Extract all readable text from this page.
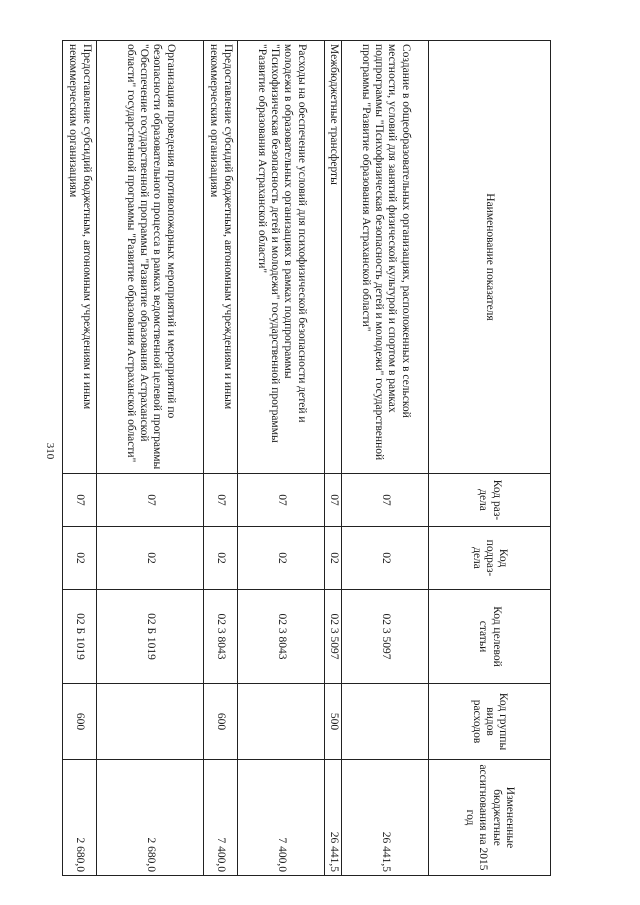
310
Наименование показателя	Код раз-дела	Код подраз-дела	Код целевой статьи	Код группы видов расходов	Измененные бюджетные ассигнования на 2015 год
Создание в общеобразовательных организациях, расположенных в сельской местности, условий для занятий физической культурой и спортом в рамках подпрограммы "Психофизическая безопасность детей и молодежи" государственной программы "Развитие образования Астраханской области"	07	02	02 3 5097		26 441,5
Межбюджетные трансферты	07	02	02 3 5097	500	26 441,5
Расходы на обеспечение условий для психофизической безопасности детей и молодежи в образовательных организациях в рамках подпрограммы "Психофизическая безопасность детей и молодежи" государственной программы "Развитие образования Астраханской области"	07	02	02 3 8043		7 400,0
Предоставление субсидий бюджетным, автономным учреждениям и иным некоммерческим организациям	07	02	02 3 8043	600	7 400,0
Организация проведения противопожарных мероприятий и мероприятий по безопасности образовательного процесса в рамках ведомственной целевой программы "Обеспечение государственной программы "Развитие образования Астраханской области" государственной программы "Развитие образования Астраханской области"	07	02	02 Б 1019		2 680,0
Предоставление субсидий бюджетным, автономным учреждениям и иным некоммерческим организациям	07	02	02 Б 1019	600	2 680,0
